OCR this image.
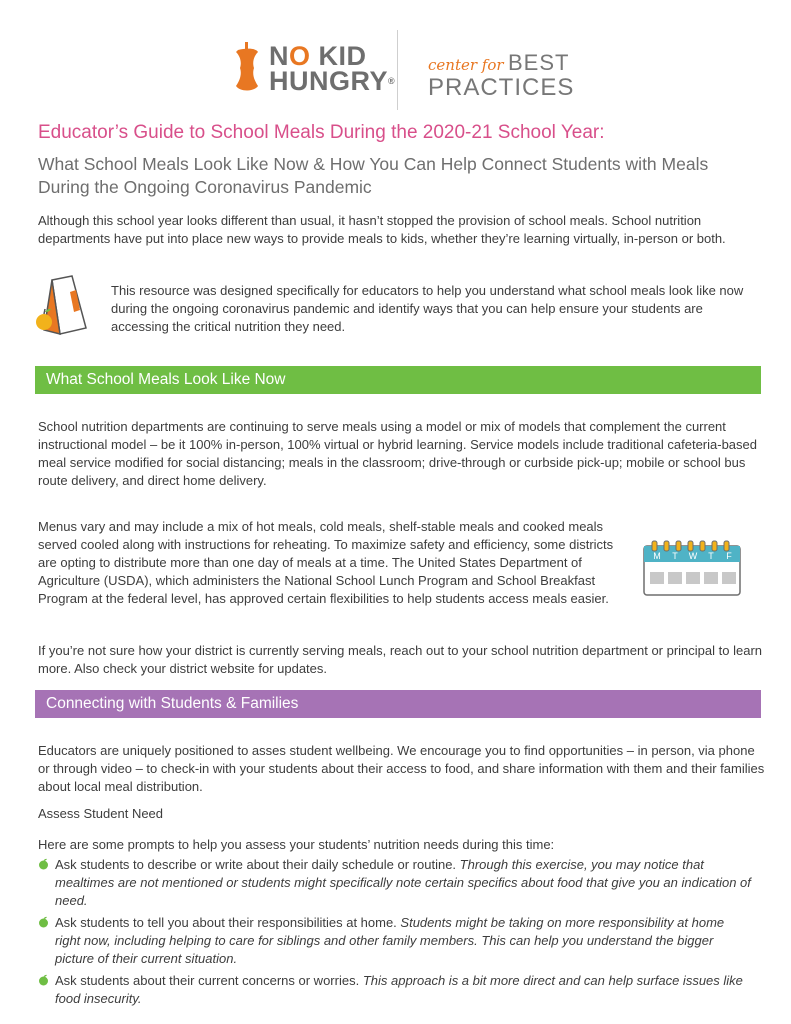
NO KID
HUNGRY®
center for BEST
PRACTICES
Educator’s Guide to School Meals During the 2020-21 School Year:
What School Meals Look Like Now & How You Can Help Connect Students with Meals During the Ongoing Coronavirus Pandemic

Although this school year looks different than usual, it hasn’t stopped the provision of school meals. School nutrition departments have put into place new ways to provide meals to kids, whether they’re learning virtually, in-person or both.

This resource was designed specifically for educators to help you understand what school meals look like now during the ongoing coronavirus pandemic and identify ways that you can help ensure your students are accessing the critical nutrition they need.

What School Meals Look Like Now

School nutrition departments are continuing to serve meals using a model or mix of models that complement the current instructional model – be it 100% in-person, 100% virtual or hybrid learning. Service models include traditional cafeteria-based meal service modified for social distancing; meals in the classroom; drive-through or curbside pick-up; mobile or school bus route delivery, and direct home delivery.

Menus vary and may include a mix of hot meals, cold meals, shelf-stable meals and cooked meals served cooled along with instructions for reheating. To maximize safety and efficiency, some districts are opting to distribute more than one day of meals at a time. The United States Department of Agriculture (USDA), which administers the National School Lunch Program and School Breakfast Program at the federal level, has approved certain flexibilities to help students access meals easier.

M T W T F

If you’re not sure how your district is currently serving meals, reach out to your school nutrition department or principal to learn more. Also check your district website for updates.

Connecting with Students & Families

Educators are uniquely positioned to asses student wellbeing. We encourage you to find opportunities – in person, via phone or through video – to check-in with your students about their access to food, and share information with them and their families about local meal distribution.

Assess Student Need

Here are some prompts to help you assess your students’ nutrition needs during this time:

Ask students to describe or write about their daily schedule or routine. Through this exercise, you may notice that mealtimes are not mentioned or students might specifically note certain specifics about food that give you an indication of need.
Ask students to tell you about their responsibilities at home. Students might be taking on more responsibility at home right now, including helping to care for siblings and other family members. This can help you understand the bigger picture of their current situation.
Ask students about their current concerns or worries. This approach is a bit more direct and can help surface issues like food insecurity.
